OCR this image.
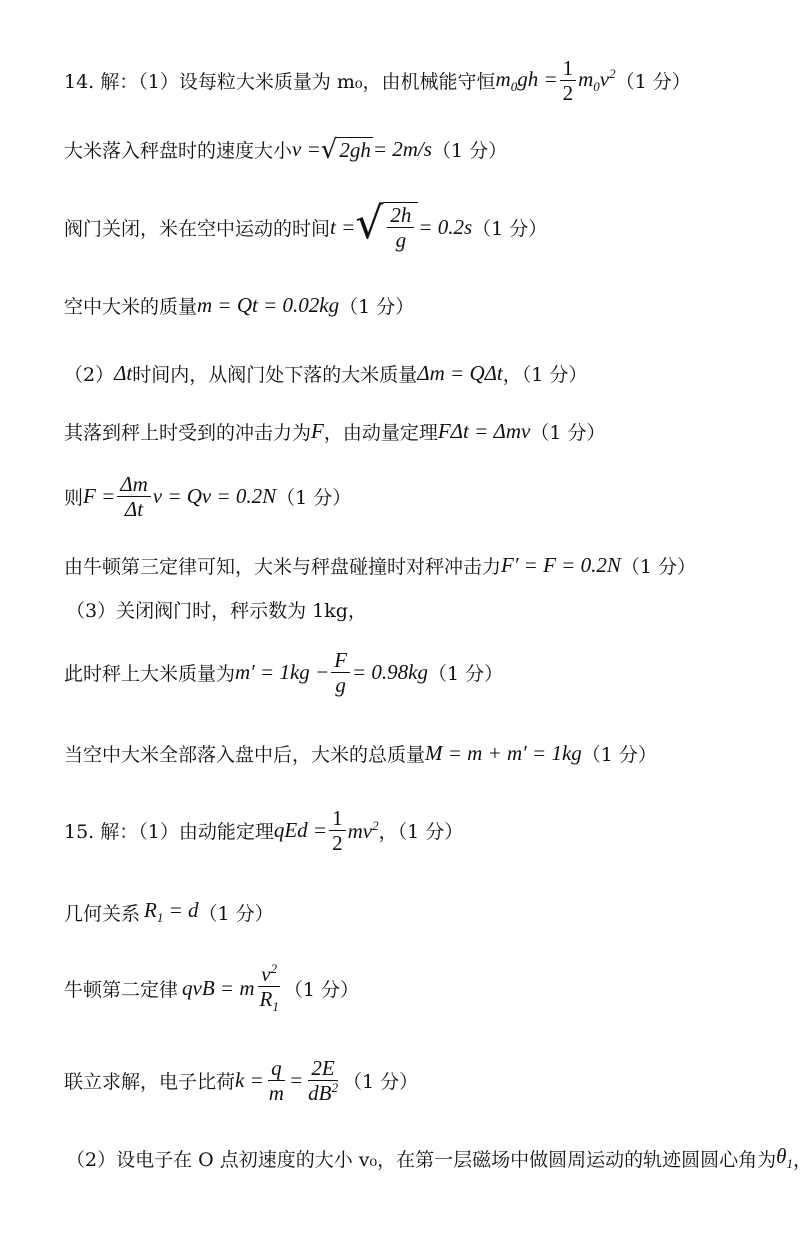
14. 解：（1）设每粒大米质量为 m₀，由机械能守恒 $m_0gh = \frac{1}{2} m_0v^2$ （1 分）
大米落入秤盘时的速度大小 v = √ 2gh = 2m/s （1 分）
阀门关闭，米在空中运动的时间 t = √ $\frac{2h}{g} = 0.2s$ （1 分）
空中大米的质量 m = Qt = 0.02kg （1 分）
（2） Δt 时间内，从阀门处下落的大米质量 Δm = QΔt ，（1 分）
其落到秤上时受到的冲击力为 F ，由动量定理 FΔt = Δmv （1 分）
则 $F = \frac{\Delta m}{\Delta t}$ v = Qv = 0.2N （1 分）
由牛顿第三定律可知，大米与秤盘碰撞时对秤冲击力 F′ = F = 0.2N （1 分）
（3）关闭阀门时，秤示数为 1kg，
此时秤上大米质量为 $m' = 1kg - \frac{F}{g} = 0.98kg$ （1 分）
当空中大米全部落入盘中后，大米的总质量 M = m + m′ = 1kg （1 分）
15. 解：（1）由动能定理 qEd = $\frac{1}{2} mv^2$ ，（1 分）
几何关系 $R_1 = d$ （1 分）
牛顿第二定律 qvB = m $\frac{v^2}{R_1} (1$ 分）
联立求解，电子比荷 $k = \frac{q}{m} = \frac{2E}{dB^2} (1$ 分）
（2）设电子在 O 点初速度的大小 v₀，在第一层磁场中做圆周运动的轨迹圆圆心角为 $\theta_1$ ，
